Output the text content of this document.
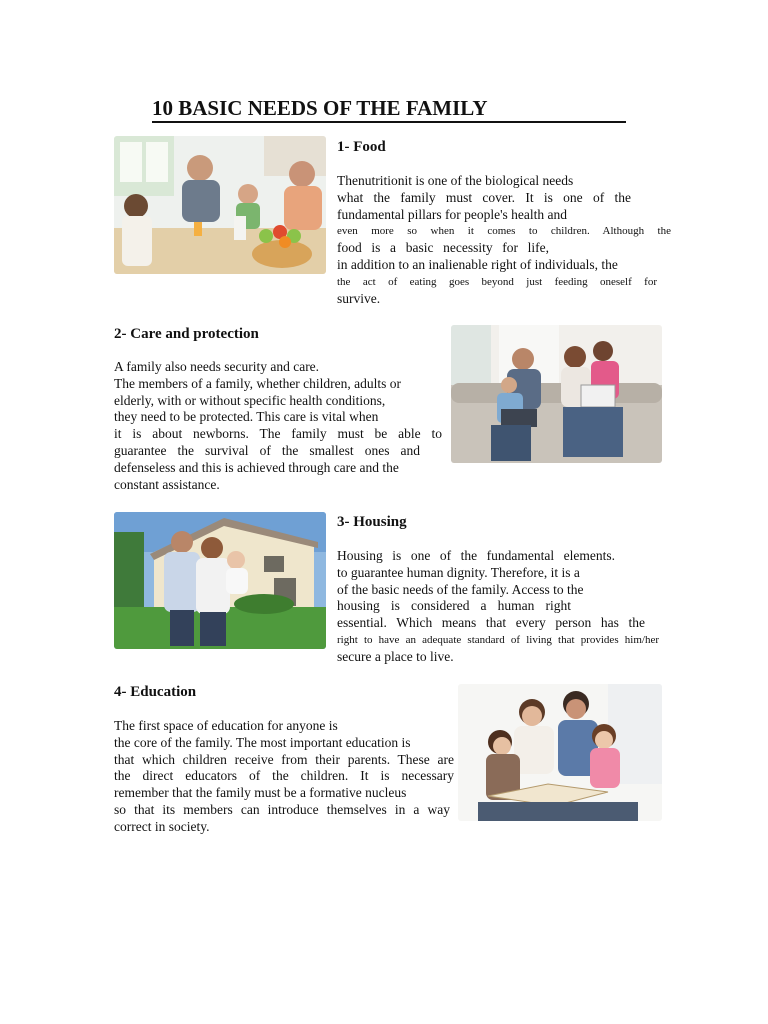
10 BASIC NEEDS OF THE FAMILY
1- Food
Thenutritionit is one of the biological needs
what the family must cover. It is one of the
fundamental pillars for people's health and
even more so when it comes to children. Although the
food is a basic necessity for life,
in addition to an inalienable right of individuals, the
the act of eating goes beyond just feeding oneself for
survive.
2- Care and protection
A family also needs security and care.
The members of a family, whether children, adults or
elderly, with or without specific health conditions,
they need to be protected. This care is vital when
it is about newborns. The family must be able to
guarantee the survival of the smallest ones and
defenseless and this is achieved through care and the
constant assistance.
3- Housing
Housing is one of the fundamental elements.
to guarantee human dignity. Therefore, it is a
of the basic needs of the family. Access to the
housing is considered a human right
essential. Which means that every person has the
right to have an adequate standard of living that provides him/her
secure a place to live.
4- Education
The first space of education for anyone is
the core of the family. The most important education is
that which children receive from their parents. These are
the direct educators of the children. It is necessary
remember that the family must be a formative nucleus
so that its members can introduce themselves in a way
correct in society.
